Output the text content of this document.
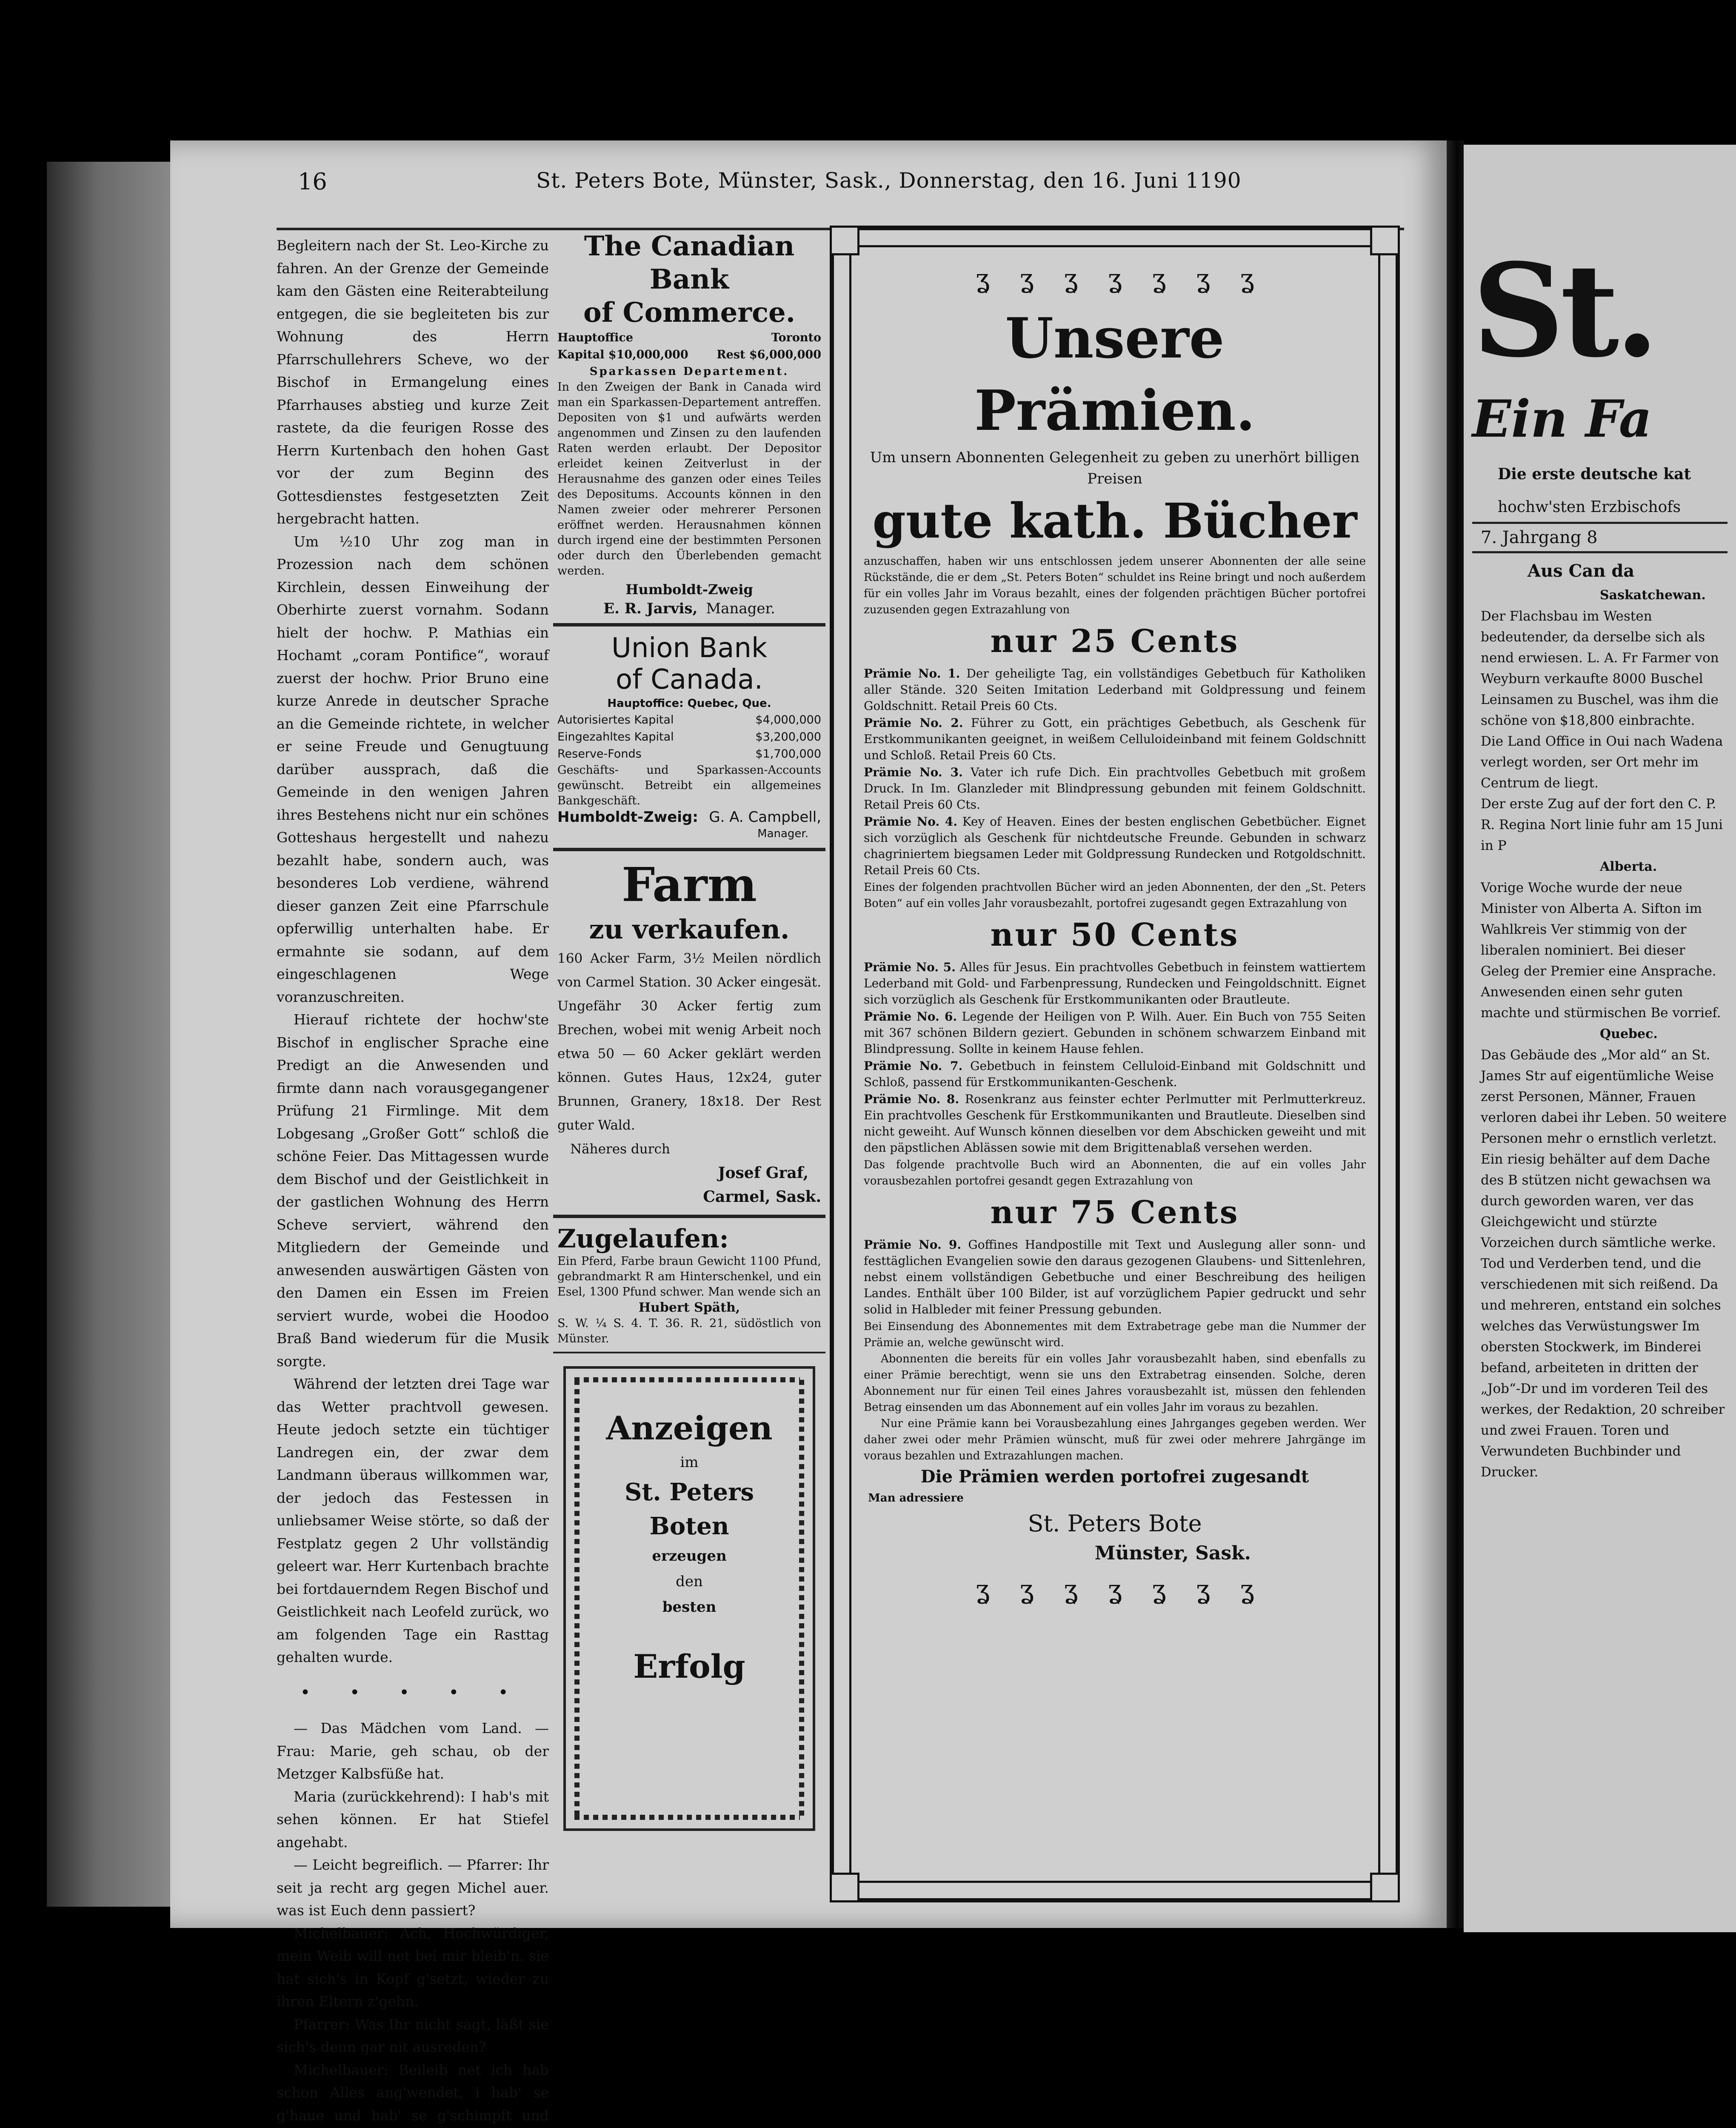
16	St. Peters Bote, Münster, Sask., Donnerstag, den 16. Juni 1190

Begleitern nach der St. Leo-Kirche zu fahren. An der Grenze der Gemeinde kam den Gästen eine Reiterabteilung entgegen, die sie begleiteten bis zur Wohnung des Herrn Pfarrschullehrers Scheve, wo der Bischof in Ermangelung eines Pfarrhauses abstieg und kurze Zeit rastete, da die feurigen Rosse des Herrn Kurtenbach den hohen Gast vor der zum Beginn des Gottesdienstes festgesetzten Zeit hergebracht hatten.

Um ½10 Uhr zog man in Prozession nach dem schönen Kirchlein, dessen Einweihung der Oberhirte zuerst vornahm. Sodann hielt der hochw. P. Mathias ein Hochamt „coram Pontifice“, worauf zuerst der hochw. Prior Bruno eine kurze Anrede in deutscher Sprache an die Gemeinde richtete, in welcher er seine Freude und Genugtuung darüber aussprach, daß die Gemeinde in den wenigen Jahren ihres Bestehens nicht nur ein schönes Gotteshaus hergestellt und nahezu bezahlt habe, sondern auch, was besonderes Lob verdiene, während dieser ganzen Zeit eine Pfarrschule opferwillig unterhalten habe. Er ermahnte sie sodann, auf dem eingeschlagenen Wege voranzuschreiten.

Hierauf richtete der hochw'ste Bischof in englischer Sprache eine Predigt an die Anwesenden und firmte dann nach vorausgegangener Prüfung 21 Firmlinge. Mit dem Lobgesang „Großer Gott“ schloß die schöne Feier. Das Mittagessen wurde dem Bischof und der Geistlichkeit in der gastlichen Wohnung des Herrn Scheve serviert, während den Mitgliedern der Gemeinde und anwesenden auswärtigen Gästen von den Damen ein Essen im Freien serviert wurde, wobei die Hoodoo Braß Band wiederum für die Musik sorgte.

Während der letzten drei Tage war das Wetter prachtvoll gewesen. Heute jedoch setzte ein tüchtiger Landregen ein, der zwar dem Landmann überaus willkommen war, der jedoch das Festessen in unliebsamer Weise störte, so daß der Festplatz gegen 2 Uhr vollständig geleert war. Herr Kurtenbach brachte bei fortdauerndem Regen Bischof und Geistlichkeit nach Leofeld zurück, wo am folgenden Tage ein Rasttag gehalten wurde.

• • • • •

— Das Mädchen vom Land. — Frau: Marie, geh schau, ob der Metzger Kalbsfüße hat.

Maria (zurückkehrend): I hab's mit sehen können. Er hat Stiefel angehabt.

— Leicht begreiflich. — Pfarrer: Ihr seit ja recht arg gegen Michel auer. was ist Euch denn passiert?

Michelbauer: Ach, Hochwürdiger, mein Weib will net bei mir bleib'n. sie hat sich's in Kopf g'setzt, wieder zu ihren Eltern z'gehn.

Pfarrer: Was Ihr nicht sagt, läßt sie sich's denn gar nit ausreden?

Michelbauer: Beileib net ich hab schon Alles ang'wendet, i hab' se g'haue und hab' se g'schimpft und

The Canadian Bank
of Commerce.
Hauptoffice	Toronto
Kapital $10,000,000 Rest $6,000,000
Sparkassen Departement.
In den Zweigen der Bank in Canada wird man ein Sparkassen-Departement antreffen. Depositen von $1 und aufwärts werden angenommen und Zinsen zu den laufenden Raten werden erlaubt. Der Depositor erleidet keinen Zeitverlust in der Herausnahme des ganzen oder eines Teiles des Depositums. Accounts können in den Namen zweier oder mehrerer Personen eröffnet werden. Herausnahmen können durch irgend eine der bestimmten Personen oder durch den Überlebenden gemacht werden.
Humboldt-Zweig
E. R. Jarvis, Manager.
Union Bank
of Canada.
Hauptoffice: Quebec, Que.
Autorisiertes Kapital	$4,000,000
Eingezahltes Kapital	$3,200,000
Reserve-Fonds	$1,700,000
Geschäfts- und Sparkassen-Accounts gewünscht. Betreibt ein allgemeines Bankgeschäft.
Humboldt-Zweig: G. A. Campbell,
Manager.
Farm
zu verkaufen.
160 Acker Farm, 3½ Meilen nördlich von Carmel Station. 30 Acker eingesät. Ungefähr 30 Acker fertig zum Brechen, wobei mit wenig Arbeit noch etwa 50 — 60 Acker geklärt werden können. Gutes Haus, 12x24, guter Brunnen, Granery, 18x18. Der Rest guter Wald.
Näheres durch
Josef Graf,
Carmel, Sask.
Zugelaufen:
Ein Pferd, Farbe braun Gewicht 1100 Pfund, gebrandmarkt R am Hinterschenkel, und ein Esel, 1300 Pfund schwer. Man wende sich an
Hubert Späth,
S. W. ¼ S. 4. T. 36. R. 21, südöstlich von Münster.
Anzeigen
im
St. Peters Boten
erzeugen
den
besten
Erfolg
ʓ ʓ ʓ ʓ ʓ ʓ ʓ
Unsere Prämien.
Um unsern Abonnenten Gelegenheit zu geben zu unerhört billigen Preisen
gute kath. Bücher
anzuschaffen, haben wir uns entschlossen jedem unserer Abonnenten der alle seine Rückstände, die er dem „St. Peters Boten“ schuldet ins Reine bringt und noch außerdem für ein volles Jahr im Voraus bezahlt, eines der folgenden prächtigen Bücher portofrei zuzusenden gegen Extrazahlung von
nur 25 Cents
Prämie No. 1. Der geheiligte Tag, ein vollständiges Gebetbuch für Katholiken aller Stände. 320 Seiten Imitation Lederband mit Goldpressung und feinem Goldschnitt. Retail Preis 60 Cts.
Prämie No. 2. Führer zu Gott, ein prächtiges Gebetbuch, als Geschenk für Erstkommunikanten geeignet, in weißem Celluloideinband mit feinem Goldschnitt und Schloß. Retail Preis 60 Cts.
Prämie No. 3. Vater ich rufe Dich. Ein prachtvolles Gebetbuch mit großem Druck. In Im. Glanzleder mit Blindpressung gebunden mit feinem Goldschnitt. Retail Preis 60 Cts.
Prämie No. 4. Key of Heaven. Eines der besten englischen Gebetbücher. Eignet sich vorzüglich als Geschenk für nichtdeutsche Freunde. Gebunden in schwarz chagriniertem biegsamen Leder mit Goldpressung Rundecken und Rotgoldschnitt. Retail Preis 60 Cts.
Eines der folgenden prachtvollen Bücher wird an jeden Abonnenten, der den „St. Peters Boten“ auf ein volles Jahr vorausbezahlt, portofrei zugesandt gegen Extrazahlung von
nur 50 Cents
Prämie No. 5. Alles für Jesus. Ein prachtvolles Gebetbuch in feinstem wattiertem Lederband mit Gold- und Farbenpressung, Rundecken und Feingoldschnitt. Eignet sich vorzüglich als Geschenk für Erstkommunikanten oder Brautleute.
Prämie No. 6. Legende der Heiligen von P. Wilh. Auer. Ein Buch von 755 Seiten mit 367 schönen Bildern geziert. Gebunden in schönem schwarzem Einband mit Blindpressung. Sollte in keinem Hause fehlen.
Prämie No. 7. Gebetbuch in feinstem Celluloid-Einband mit Goldschnitt und Schloß, passend für Erstkommunikanten-Geschenk.
Prämie No. 8. Rosenkranz aus feinster echter Perlmutter mit Perlmutterkreuz. Ein prachtvolles Geschenk für Erstkommunikanten und Brautleute. Dieselben sind nicht geweiht. Auf Wunsch können dieselben vor dem Abschicken geweiht und mit den päpstlichen Ablässen sowie mit dem Brigittenablaß versehen werden.
Das folgende prachtvolle Buch wird an Abonnenten, die auf ein volles Jahr vorausbezahlen portofrei gesandt gegen Extrazahlung von
nur 75 Cents
Prämie No. 9. Goffines Handpostille mit Text und Auslegung aller sonn- und festtäglichen Evangelien sowie den daraus gezogenen Glaubens- und Sittenlehren, nebst einem vollständigen Gebetbuche und einer Beschreibung des heiligen Landes. Enthält über 100 Bilder, ist auf vorzüglichem Papier gedruckt und sehr solid in Halbleder mit feiner Pressung gebunden.
Bei Einsendung des Abonnementes mit dem Extrabetrage gebe man die Nummer der Prämie an, welche gewünscht wird.
Abonnenten die bereits für ein volles Jahr vorausbezahlt haben, sind ebenfalls zu einer Prämie berechtigt, wenn sie uns den Extrabetrag einsenden. Solche, deren Abonnement nur für einen Teil eines Jahres vorausbezahlt ist, müssen den fehlenden Betrag einsenden um das Abonnement auf ein volles Jahr im voraus zu bezahlen.
Nur eine Prämie kann bei Vorausbezahlung eines Jahrganges gegeben werden. Wer daher zwei oder mehr Prämien wünscht, muß für zwei oder mehrere Jahrgänge im voraus bezahlen und Extrazahlungen machen.
Die Prämien werden portofrei zugesandt
Man adressiere
St. Peters Bote
Münster, Sask.
ʓ ʓ ʓ ʓ ʓ ʓ ʓ
St.
Ein Fa
Die erste deutsche kat
hochw'sten Erzbischofs
7. Jahrgang 8
Aus Can da
Saskatchewan.
Der Flachsbau im Westen bedeutender, da derselbe sich als nend erwiesen. L. A. Fr Farmer von Weyburn verkaufte 8000 Buschel Leinsamen zu Buschel, was ihm die schöne von $18,800 einbrachte.
Die Land Office in Oui nach Wadena verlegt worden, ser Ort mehr im Centrum de liegt.
Der erste Zug auf der fort den C. P. R. Regina Nort linie fuhr am 15 Juni in P
Alberta.
Vorige Woche wurde der neue Minister von Alberta A. Sifton im Wahlkreis Ver stimmig von der liberalen nominiert. Bei dieser Geleg der Premier eine Ansprache. Anwesenden einen sehr guten machte und stürmischen Be vorrief.
Quebec.
Das Gebäude des „Mor ald“ an St. James Str auf eigentümliche Weise zerst Personen, Männer, Frauen verloren dabei ihr Leben. 50 weitere Personen mehr o ernstlich verletzt. Ein riesig behälter auf dem Dache des B stützen nicht gewachsen wa durch geworden waren, ver das Gleichgewicht und stürzte Vorzeichen durch sämtliche werke. Tod und Verderben tend, und die verschiedenen mit sich reißend. Da und mehreren, entstand ein solches welches das Verwüstungswer Im obersten Stockwerk, im Binderei befand, arbeiteten in dritten der „Job“-Dr und im vorderen Teil des werkes, der Redaktion, 20 schreiber und zwei Frauen. Toren und Verwundeten Buchbinder und Drucker.
